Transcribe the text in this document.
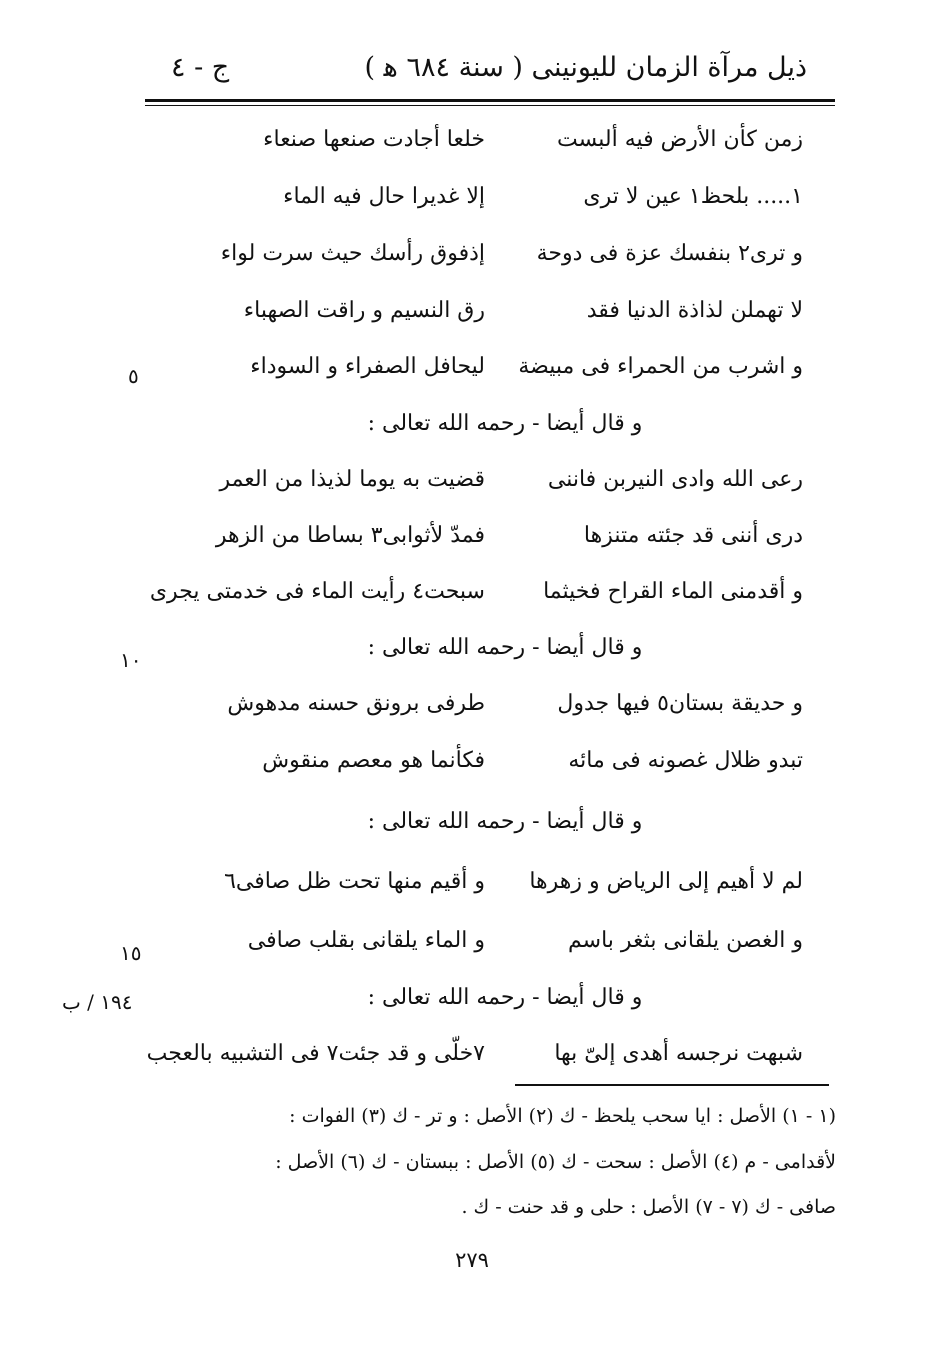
ذيل مرآة الزمان لليونينى ( سنة ٦٨٤ ﻫ )
ج - ٤
زمن كأن الأرض فيه ألبست
خلعا أجادت صنعها صنعاء
١..... بلحظ١ عين لا ترى
إلا غديرا حال فيه الماء
و ترى٢ بنفسك عزة فى دوحة
إذفوق رأسك حيث سرت لواء
لا تهملن لذاذة الدنيا فقد
رق النسيم و راقت الصهباء
و اشرب من الحمراء فى مبيضة
ليحافل الصفراء و السوداء
و قال أيضا - رحمه الله تعالى :
رعى الله وادى النيربن فاننى
قضيت به يوما لذيذا من العمر
درى أننى قد جئته متنزها
فمدّ لأثوابى٣ بساطا من الزهر
و أقدمنى الماء القراح فخيثما
سبحت٤ رأيت الماء فى خدمتى يجرى
و قال أيضا - رحمه الله تعالى :
و حديقة بستان٥ فيها جدول
طرفى برونق حسنه مدهوش
تبدو ظلال غصونه فى مائه
فكأنما هو معصم منقوش
و قال أيضا - رحمه الله تعالى :
لم لا أهيم إلى الرياض و زهرها
و أقيم منها تحت ظل صافى٦
و الغصن يلقانى بثغر باسم
و الماء يلقانى بقلب صافى
و قال أيضا - رحمه الله تعالى :
شبهت نرجسه أهدى إلىّ بها
٧خلّى و قد جئت٧ فى التشبيه بالعجب
٥
١٠
١٥
١٩٤ / ب
(١ - ١) الأصل : ايا سحب يلحظ - ك (٢) الأصل : و تر - ك (٣) الفوات :
لأقدامى - م (٤) الأصل : سحت - ك (٥) الأصل : ببستان - ك (٦) الأصل :
صافى - ك (٧ - ٧) الأصل : حلى و قد حنت - ك .
٢٧٩
